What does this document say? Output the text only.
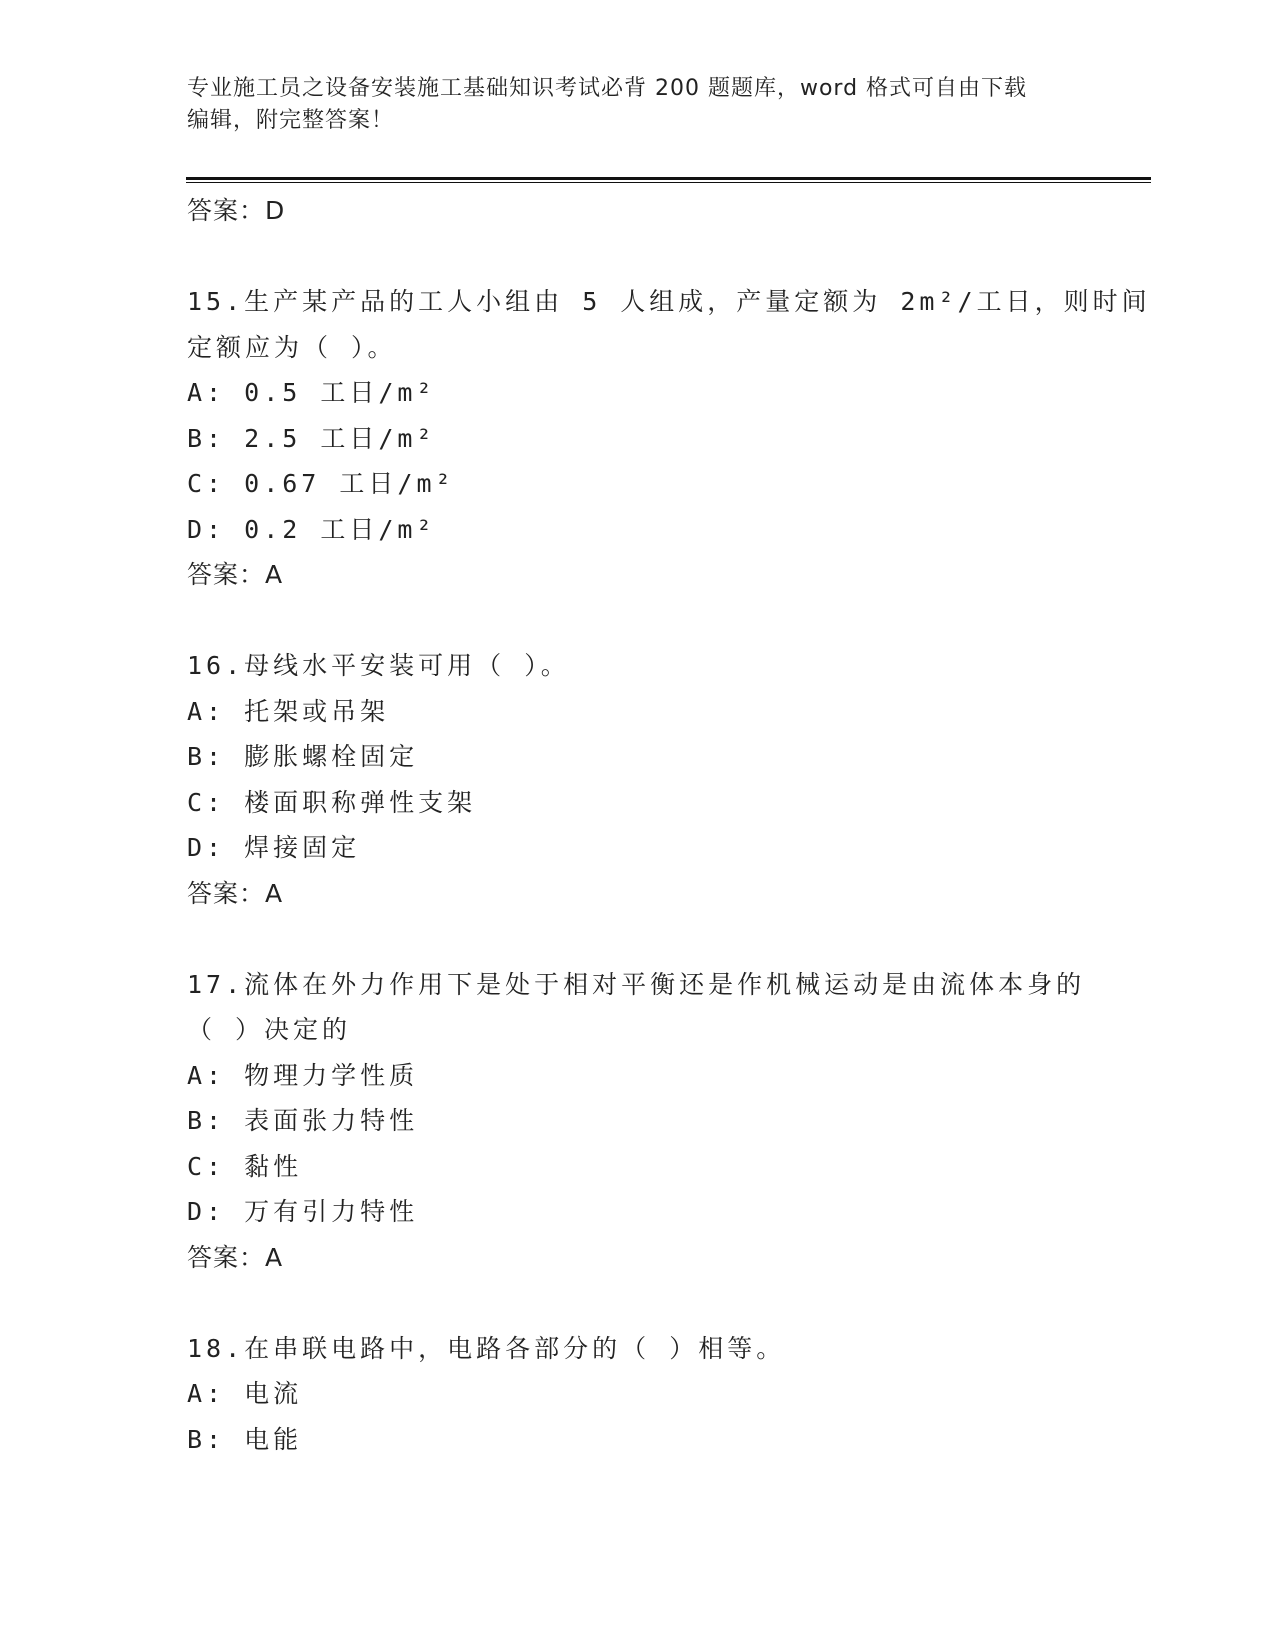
专业施工员之设备安装施工基础知识考试必背 200 题题库，word 格式可自由下载
编辑，附完整答案！
答案：D
15.生产某产品的工人小组由 5 人组成，产量定额为 2m²/工日，则时间
定额应为（ ）。
A: 0.5 工日/m²
B: 2.5 工日/m²
C: 0.67 工日/m²
D: 0.2 工日/m²
答案：A
16.母线水平安装可用（ ）。
A: 托架或吊架
B: 膨胀螺栓固定
C: 楼面职称弹性支架
D: 焊接固定
答案：A
17.流体在外力作用下是处于相对平衡还是作机械运动是由流体本身的
（ ）决定的
A: 物理力学性质
B: 表面张力特性
C: 黏性
D: 万有引力特性
答案：A
18.在串联电路中，电路各部分的（ ）相等。
A: 电流
B: 电能
